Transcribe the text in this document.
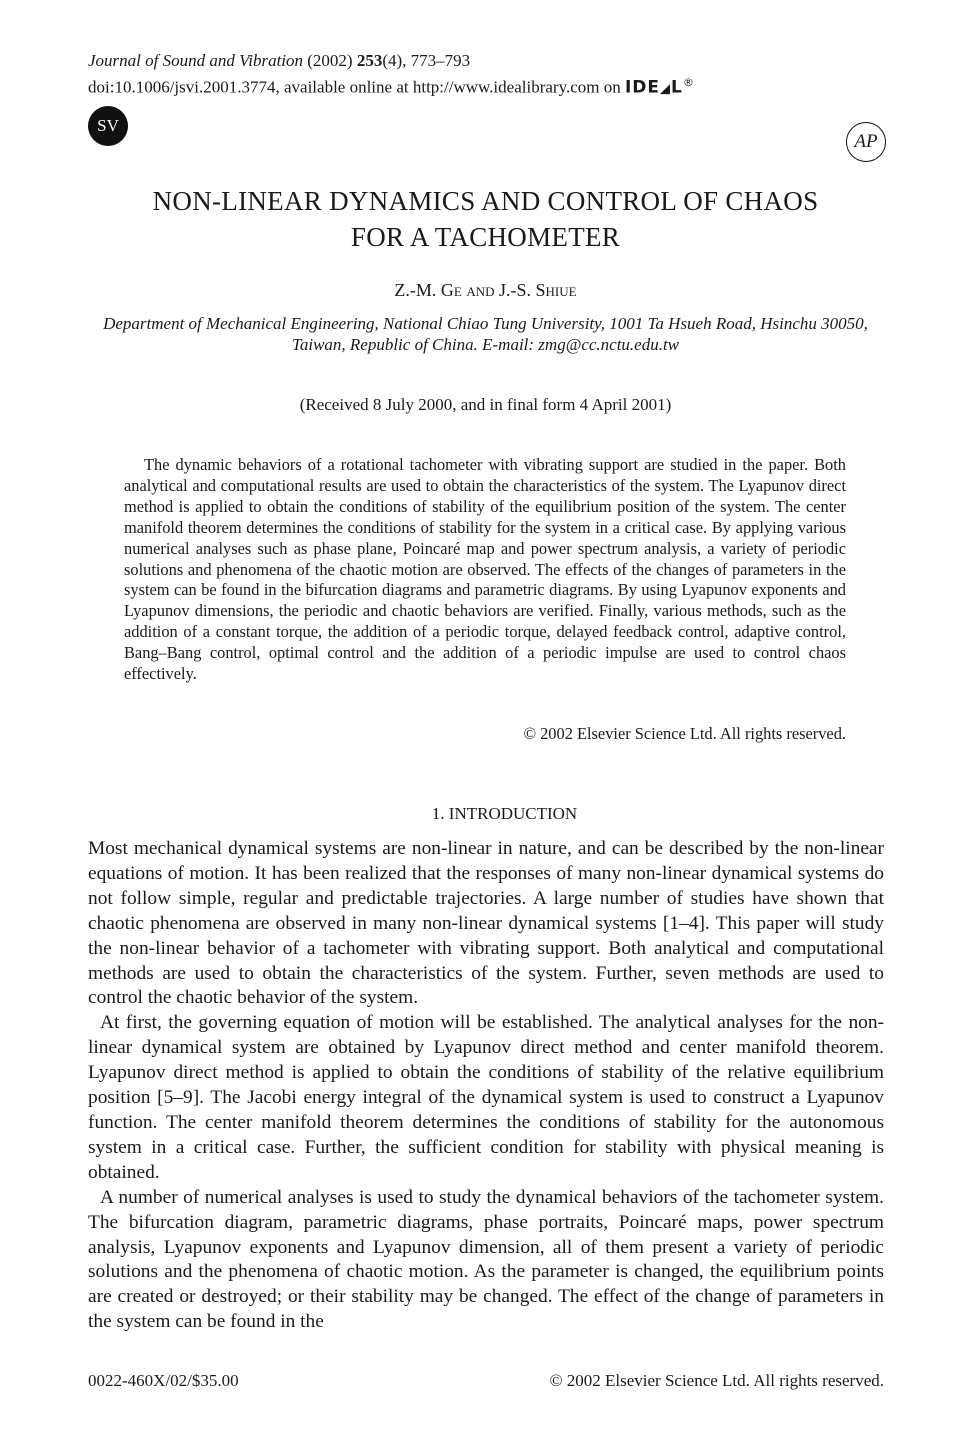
Journal of Sound and Vibration (2002) 253(4), 773–793
doi:10.1006/jsvi.2001.3774, available online at http://www.idealibrary.com on IDE◢L®
SV
AP
NON-LINEAR DYNAMICS AND CONTROL OF CHAOS
FOR A TACHOMETER
Z.-M. Ge and J.-S. Shiue
Department of Mechanical Engineering, National Chiao Tung University, 1001 Ta Hsueh Road, Hsinchu 30050, Taiwan, Republic of China. E-mail: zmg@cc.nctu.edu.tw
(Received 8 July 2000, and in final form 4 April 2001)
The dynamic behaviors of a rotational tachometer with vibrating support are studied in the paper. Both analytical and computational results are used to obtain the characteristics of the system. The Lyapunov direct method is applied to obtain the conditions of stability of the equilibrium position of the system. The center manifold theorem determines the conditions of stability for the system in a critical case. By applying various numerical analyses such as phase plane, Poincaré map and power spectrum analysis, a variety of periodic solutions and phenomena of the chaotic motion are observed. The effects of the changes of parameters in the system can be found in the bifurcation diagrams and parametric diagrams. By using Lyapunov exponents and Lyapunov dimensions, the periodic and chaotic behaviors are verified. Finally, various methods, such as the addition of a constant torque, the addition of a periodic torque, delayed feedback control, adaptive control, Bang–Bang control, optimal control and the addition of a periodic impulse are used to control chaos effectively.
© 2002 Elsevier Science Ltd. All rights reserved.
1. INTRODUCTION

Most mechanical dynamical systems are non-linear in nature, and can be described by the non-linear equations of motion. It has been realized that the responses of many non-linear dynamical systems do not follow simple, regular and predictable trajectories. A large number of studies have shown that chaotic phenomena are observed in many non-linear dynamical systems [1–4]. This paper will study the non-linear behavior of a tachometer with vibrating support. Both analytical and computational methods are used to obtain the characteristics of the system. Further, seven methods are used to control the chaotic behavior of the system.

At first, the governing equation of motion will be established. The analytical analyses for the non-linear dynamical system are obtained by Lyapunov direct method and center manifold theorem. Lyapunov direct method is applied to obtain the conditions of stability of the relative equilibrium position [5–9]. The Jacobi energy integral of the dynamical system is used to construct a Lyapunov function. The center manifold theorem determines the conditions of stability for the autonomous system in a critical case. Further, the sufficient condition for stability with physical meaning is obtained.

A number of numerical analyses is used to study the dynamical behaviors of the tachometer system. The bifurcation diagram, parametric diagrams, phase portraits, Poincaré maps, power spectrum analysis, Lyapunov exponents and Lyapunov dimension, all of them present a variety of periodic solutions and the phenomena of chaotic motion. As the parameter is changed, the equilibrium points are created or destroyed; or their stability may be changed. The effect of the change of parameters in the system can be found in the

0022-460X/02/$35.00	© 2002 Elsevier Science Ltd. All rights reserved.
